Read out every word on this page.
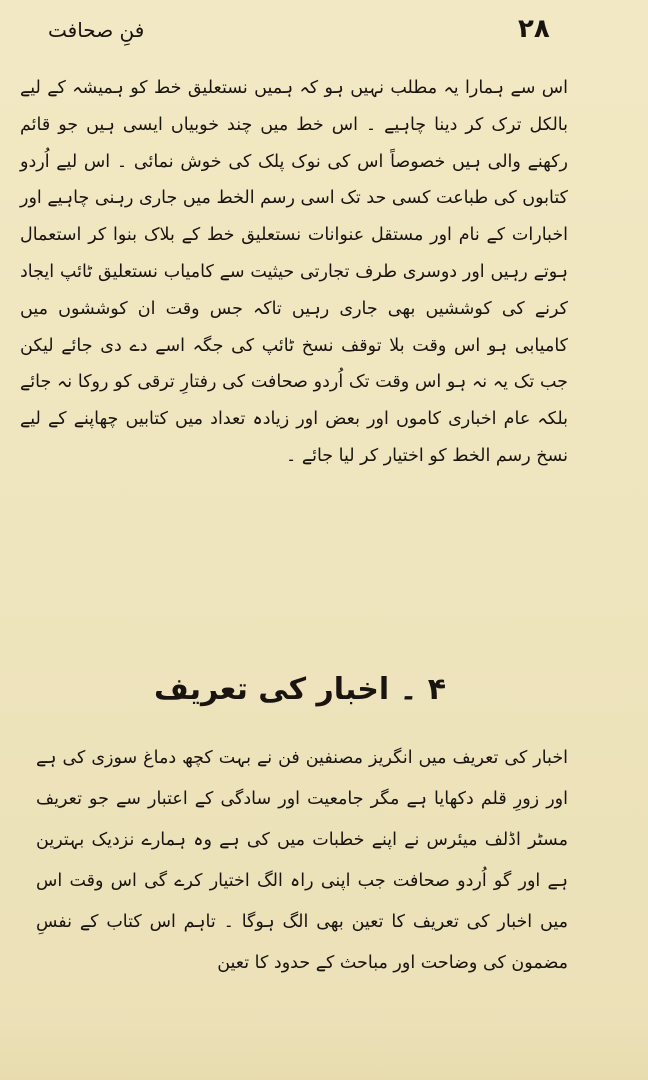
۲۸
فنِ صحافت

اس سے ہمارا یہ مطلب نہیں ہو کہ ہمیں نستعلیق خط کو ہمیشہ کے لیے بالکل ترک کر دینا چاہیے ۔ اس خط میں چند خوبیاں ایسی ہیں جو قائم رکھنے والی ہیں خصوصاً اس کی نوک پلک کی خوش نمائی ۔ اس لیے اُردو کتابوں کی طباعت کسی حد تک اسی رسم الخط میں جاری رہنی چاہیے اور اخبارات کے نام اور مستقل عنوانات نستعلیق خط کے بلاک بنوا کر استعمال ہوتے رہیں اور دوسری طرف تجارتی حیثیت سے کامیاب نستعلیق ٹائپ ایجاد کرنے کی کوششیں بھی جاری رہیں تاکہ جس وقت ان کوششوں میں کامیابی ہو اس وقت بلا توقف نسخ ٹائپ کی جگہ اسے دے دی جائے لیکن جب تک یہ نہ ہو اس وقت تک اُردو صحافت کی رفتارِ ترقی کو روکا نہ جائے بلکہ عام اخباری کاموں اور بعض اور زیادہ تعداد میں کتابیں چھاپنے کے لیے نسخ رسم الخط کو اختیار کر لیا جائے ۔

۴ ۔ اخبار کی تعریف

اخبار کی تعریف میں انگریز مصنفین فن نے بہت کچھ دماغ سوزی کی ہے اور زورِ قلم دکھایا ہے مگر جامعیت اور سادگی کے اعتبار سے جو تعریف مسٹر اڈلف میئرس نے اپنے خطبات میں کی ہے وہ ہمارے نزدیک بہترین ہے اور گو اُردو صحافت جب اپنی راہ الگ اختیار کرے گی اس وقت اس میں اخبار کی تعریف کا تعین بھی الگ ہوگا ۔ تاہم اس کتاب کے نفسِ مضمون کی وضاحت اور مباحث کے حدود کا تعین
